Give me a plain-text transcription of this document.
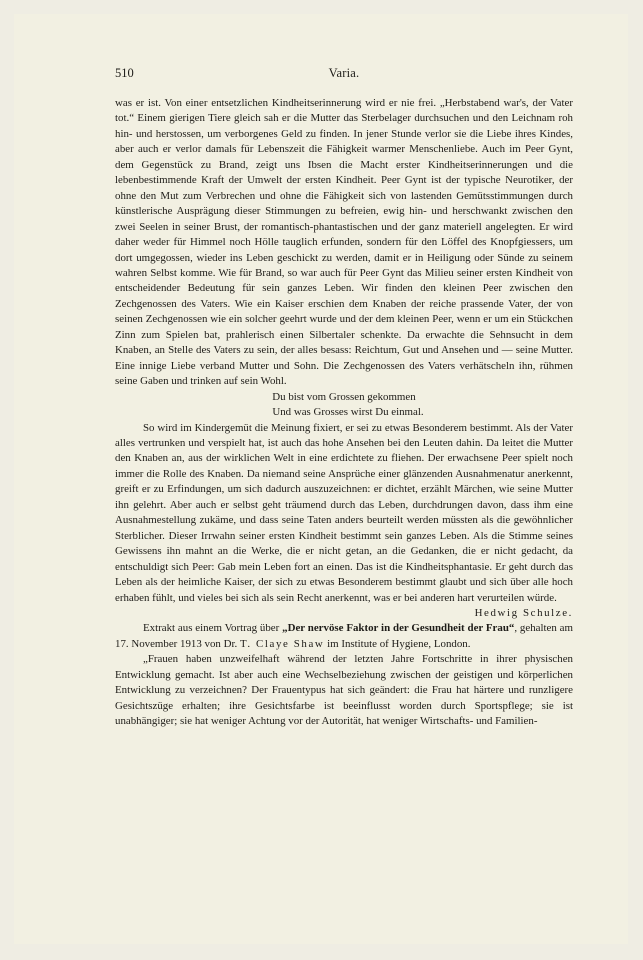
510	Varia.

was er ist. Von einer entsetzlichen Kindheitserinnerung wird er nie frei. „Herbstabend war's, der Vater tot.“ Einem gierigen Tiere gleich sah er die Mutter das Sterbelager durchsuchen und den Leichnam roh hin- und herstossen, um verborgenes Geld zu finden. In jener Stunde verlor sie die Liebe ihres Kindes, aber auch er verlor damals für Lebenszeit die Fähigkeit warmer Menschenliebe. Auch im Peer Gynt, dem Gegenstück zu Brand, zeigt uns Ibsen die Macht erster Kindheitserinnerungen und die lebenbestimmende Kraft der Umwelt der ersten Kindheit. Peer Gynt ist der typische Neurotiker, der ohne den Mut zum Verbrechen und ohne die Fähigkeit sich von lastenden Gemütsstimmungen durch künstlerische Ausprägung dieser Stimmungen zu befreien, ewig hin- und herschwankt zwischen den zwei Seelen in seiner Brust, der romantisch-phantastischen und der ganz materiell angelegten. Er wird daher weder für Himmel noch Hölle tauglich erfunden, sondern für den Löffel des Knopfgiessers, um dort umgegossen, wieder ins Leben geschickt zu werden, damit er in Heiligung oder Sünde zu seinem wahren Selbst komme. Wie für Brand, so war auch für Peer Gynt das Milieu seiner ersten Kindheit von entscheidender Bedeutung für sein ganzes Leben. Wir finden den kleinen Peer zwischen den Zechgenossen des Vaters. Wie ein Kaiser erschien dem Knaben der reiche prassende Vater, der von seinen Zechgenossen wie ein solcher geehrt wurde und der dem kleinen Peer, wenn er um ein Stückchen Zinn zum Spielen bat, prahlerisch einen Silbertaler schenkte. Da erwachte die Sehnsucht in dem Knaben, an Stelle des Vaters zu sein, der alles besass: Reichtum, Gut und Ansehen und — seine Mutter. Eine innige Liebe verband Mutter und Sohn. Die Zechgenossen des Vaters verhätscheln ihn, rühmen seine Gaben und trinken auf sein Wohl.

Du bist vom Grossen gekommen
Und was Grosses wirst Du einmal.

So wird im Kindergemüt die Meinung fixiert, er sei zu etwas Besonderem bestimmt. Als der Vater alles vertrunken und verspielt hat, ist auch das hohe Ansehen bei den Leuten dahin. Da leitet die Mutter den Knaben an, aus der wirklichen Welt in eine erdichtete zu fliehen. Der erwachsene Peer spielt noch immer die Rolle des Knaben. Da niemand seine Ansprüche einer glänzenden Ausnahmenatur anerkennt, greift er zu Erfindungen, um sich dadurch auszuzeichnen: er dichtet, erzählt Märchen, wie seine Mutter ihn gelehrt. Aber auch er selbst geht träumend durch das Leben, durchdrungen davon, dass ihm eine Ausnahmestellung zukäme, und dass seine Taten anders beurteilt werden müssten als die gewöhnlicher Sterblicher. Dieser Irrwahn seiner ersten Kindheit bestimmt sein ganzes Leben. Als die Stimme seines Gewissens ihn mahnt an die Werke, die er nicht getan, an die Gedanken, die er nicht gedacht, da entschuldigt sich Peer: Gab mein Leben fort an einen. Das ist die Kindheitsphantasie. Er geht durch das Leben als der heimliche Kaiser, der sich zu etwas Besonderem bestimmt glaubt und sich über alle hoch erhaben fühlt, und vieles bei sich als sein Recht anerkennt, was er bei anderen hart verurteilen würde.
Hedwig Schulze.

Extrakt aus einem Vortrag über „Der nervöse Faktor in der Gesundheit der Frau“, gehalten am 17. November 1913 von Dr. T. Claye Shaw im Institute of Hygiene, London.

„Frauen haben unzweifelhaft während der letzten Jahre Fortschritte in ihrer physischen Entwicklung gemacht. Ist aber auch eine Wechselbeziehung zwischen der geistigen und körperlichen Entwicklung zu verzeichnen? Der Frauentypus hat sich geändert: die Frau hat härtere und runzligere Gesichtszüge erhalten; ihre Gesichtsfarbe ist beeinflusst worden durch Sportspflege; sie ist unabhängiger; sie hat weniger Achtung vor der Autorität, hat weniger Wirtschafts- und Familien-
